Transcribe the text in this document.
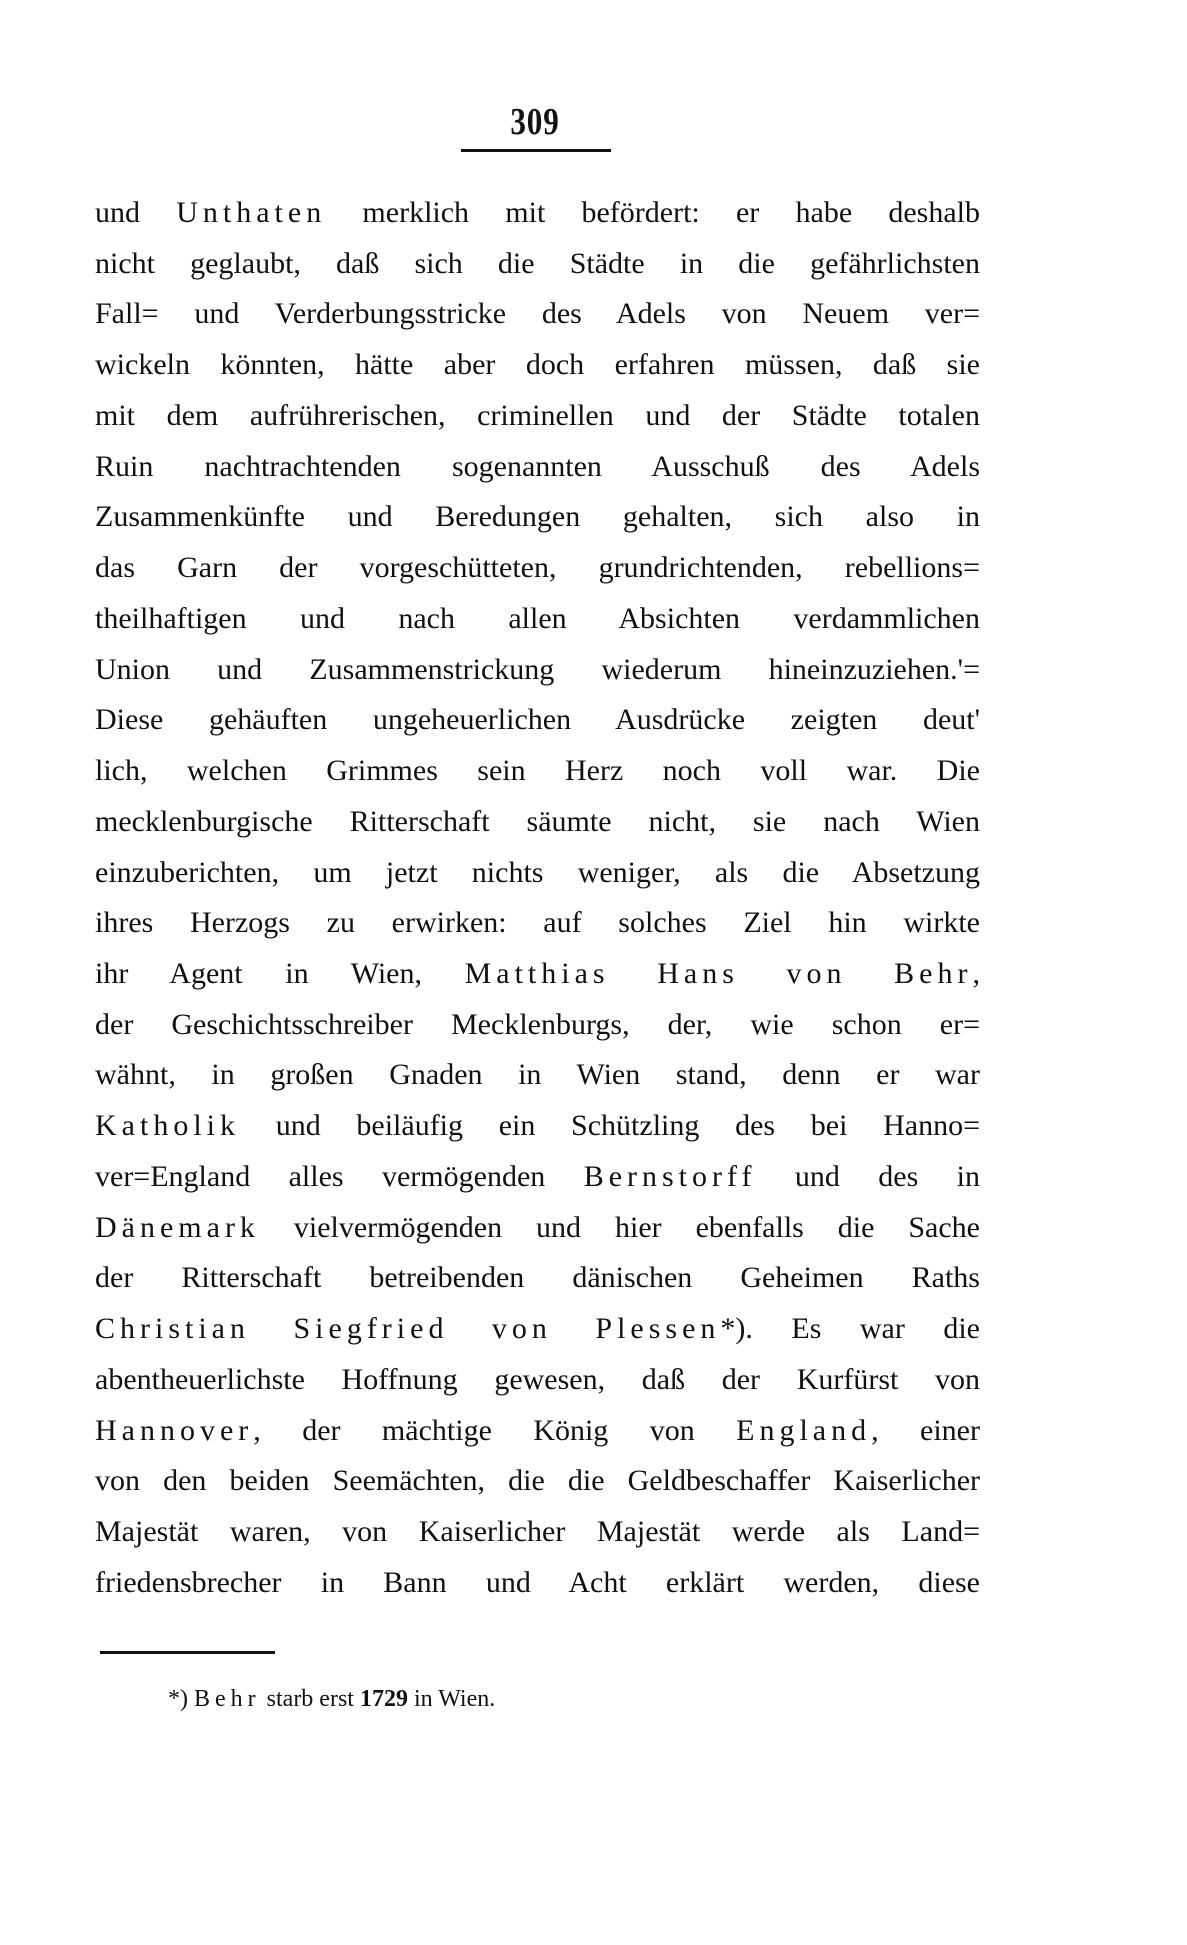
309
und Unthaten merklich mit befördert: er habe deshalb
nicht geglaubt, daß sich die Städte in die gefährlichsten
Fall= und Verderbungsstricke des Adels von Neuem ver=
wickeln könnten, hätte aber doch erfahren müssen, daß sie
mit dem aufrührerischen, criminellen und der Städte totalen
Ruin nachtrachtenden sogenannten Ausschuß des Adels
Zusammenkünfte und Beredungen gehalten, sich also in
das Garn der vorgeschütteten, grundrichtenden, rebellions=
theilhaftigen und nach allen Absichten verdammlichen
Union und Zusammenstrickung wiederum hineinzuziehen.'=
Diese gehäuften ungeheuerlichen Ausdrücke zeigten deut'
lich, welchen Grimmes sein Herz noch voll war. Die
mecklenburgische Ritterschaft säumte nicht, sie nach Wien
einzuberichten, um jetzt nichts weniger, als die Absetzung
ihres Herzogs zu erwirken: auf solches Ziel hin wirkte
ihr Agent in Wien, Matthias Hans von Behr,
der Geschichtsschreiber Mecklenburgs, der, wie schon er=
wähnt, in großen Gnaden in Wien stand, denn er war
Katholik und beiläufig ein Schützling des bei Hanno=
ver=England alles vermögenden Bernstorff und des in
Dänemark vielvermögenden und hier ebenfalls die Sache
der Ritterschaft betreibenden dänischen Geheimen Raths
Christian Siegfried von Plessen*). Es war die
abentheuerlichste Hoffnung gewesen, daß der Kurfürst von
Hannover, der mächtige König von England, einer
von den beiden Seemächten, die die Geldbeschaffer Kaiserlicher
Majestät waren, von Kaiserlicher Majestät werde als Land=
friedensbrecher in Bann und Acht erklärt werden, diese
*) Behr starb erst 1729 in Wien.
